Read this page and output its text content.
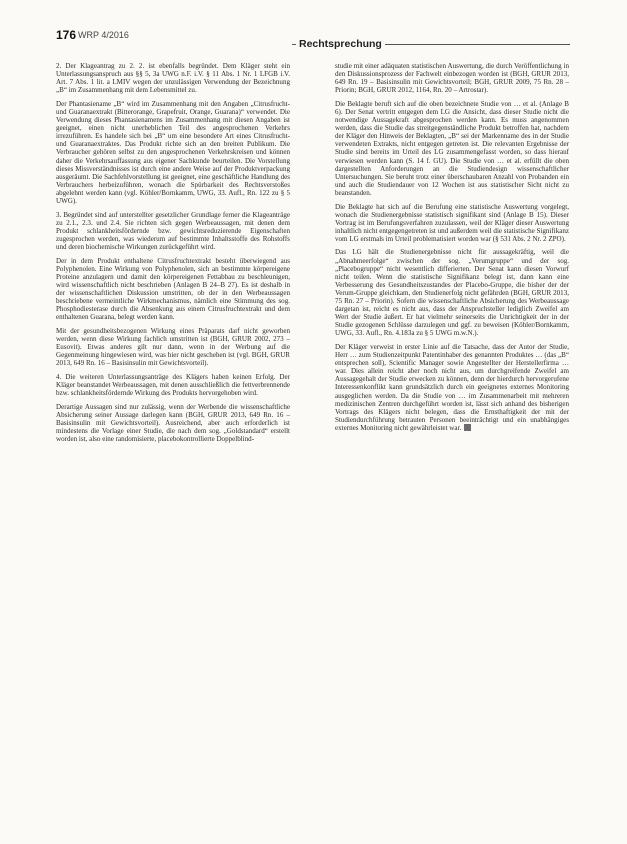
176 WRP 4/2016
Rechtsprechung

2. Der Klageantrag zu 2. 2. ist ebenfalls begründet. Dem Kläger steht ein Unterlassungsanspruch aus §§ 5, 3a UWG n.F. i.V. § 11 Abs. 1 Nr. 1 LFGB i.V. Art. 7 Abs. 1 lit. a LMIV wegen der unzulässigen Verwendung der Bezeichnung „B“ im Zusammenhang mit dem Lebensmittel zu.

Der Phantasiename „B“ wird im Zusammenhang mit den Angaben „Citrusfrucht- und Guaranaextrakt (Bitterorange, Grapefruit, Orange, Guarana)“ verwendet. Die Verwendung dieses Phantasienamens im Zusammenhang mit diesen Angaben ist geeignet, einen nicht unerheblichen Teil des angesprochenen Verkehrs irrezuführen. Es handele sich bei „B“ um eine besondere Art eines Citrusfrucht- und Guaranaextraktes. Das Produkt richte sich an den breiten Publikum. Die Verbraucher gehören selbst zu den angesprochenen Verkehrskreisen und können daher die Verkehrsauffassung aus eigener Sachkunde beurteilen. Die Vorstellung dieses Missverständnisses ist durch eine andere Weise auf der Produktverpackung ausgeräumt. Die Sachfehlvorstellung ist geeignet, eine geschäftliche Handlung des Verbrauchers herbeizuführen, wonach die Spürbarkeit des Rechtsverstoßes abgelehnt werden kann (vgl. Köhler/Bornkamm, UWG, 33. Aufl., Rn. 122 zu § 5 UWG).

3. Begründet sind auf unterstellter gesetzlicher Grundlage ferner die Klageanträge zu 2.1., 2.3. und 2.4. Sie richten sich gegen Werbeaussagen, mit denen dem Produkt schlankheitsfördernde bzw. gewichtsreduzierende Eigenschaften zugesprochen werden, was wiederum auf bestimmte Inhaltsstoffe des Rohstoffs und deren biochemische Wirkungen zurückgeführt wird.

Der in dem Produkt enthaltene Citrusfruchtextrakt besteht überwiegend aus Polyphenolen. Eine Wirkung von Polyphenolen, sich an bestimmte körpereigene Proteine anzulagern und damit den körpereigenen Fettabbau zu beschleunigen, wird wissenschaftlich nicht beschrieben (Anlagen B 24–B 27). Es ist deshalb in der wissenschaftlichen Diskussion umstritten, ob der in den Werbeaussagen beschriebene vermeintliche Wirkmechanismus, nämlich eine Stimmung des sog. Phosphodiesterase durch die Absenkung aus einem Citrusfruchtextrakt und dem enthaltenen Guarana, belegt werden kann.

Mit der gesundheitsbezogenen Wirkung eines Präparats darf nicht geworben werden, wenn diese Wirkung fachlich umstritten ist (BGH, GRUR 2002, 273 – Eusovit). Etwas anderes gilt nur dann, wenn in der Werbung auf die Gegenmeinung hingewiesen wird, was hier nicht geschehen ist (vgl. BGH, GRUR 2013, 649 Rn. 16 – Basisinsulin mit Gewichtsvorteil).

4. Die weiteren Unterlassungsanträge des Klägers haben keinen Erfolg. Der Kläger beanstandet Werbeaussagen, mit denen ausschließlich die fettverbrennende bzw. schlankheitsfördernde Wirkung des Produkts hervorgehoben wird.

Derartige Aussagen sind nur zulässig, wenn der Werbende die wissenschaftliche Absicherung seiner Aussage darlegen kann (BGH, GRUR 2013, 649 Rn. 16 – Basisinsulin mit Gewichtsvorteil). Ausreichend, aber auch erforderlich ist mindestens die Vorlage einer Studie, die nach dem sog. „Goldstandard“ erstellt worden ist, also eine randomisierte, placebokontrollierte Doppelblind-

studie mit einer adäquaten statistischen Auswertung, die durch Veröffentlichung in den Diskussionsprozess der Fachwelt einbezogen worden ist (BGH, GRUR 2013, 649 Rn. 19 – Basisinsulin mit Gewichtsvorteil; BGH, GRUR 2009, 75 Rn. 28 – Priorin; BGH, GRUR 2012, 1164, Rn. 20 – Artrostar).

Die Beklagte beruft sich auf die oben bezeichnete Studie von … et al. (Anlage B 6). Der Senat vertritt entgegen dem LG die Ansicht, dass dieser Studie nicht die notwendige Aussagekraft abgesprochen werden kann. Es muss angenommen werden, dass die Studie das streitgegenständliche Produkt betroffen hat, nachdem der Kläger den Hinweis der Beklagten, „B“ sei der Markenname des in der Studie verwendeten Extrakts, nicht entgegen getreten ist. Die relevanten Ergebnisse der Studie sind bereits im Urteil des LG zusammengefasst worden, so dass hierauf verwiesen werden kann (S. 14 f. GU). Die Studie von … et al. erfüllt die oben dargestellten Anforderungen an die Studiendesign wissenschaftlicher Untersuchungen. Sie beruht trotz einer überschaubaren Anzahl von Probanden ein und auch die Studiendauer von 12 Wochen ist aus statistischer Sicht nicht zu beanstanden.

Die Beklagte hat sich auf die Berufung eine statistische Auswertung vorgelegt, wonach die Studienergebnisse statistisch signifikant sind (Anlage B 15). Dieser Vortrag ist im Berufungsverfahren zuzulassen, weil der Kläger dieser Auswertung inhaltlich nicht entgegengetreten ist und außerdem weil die statistische Signifikanz vom LG erstmals im Urteil problematisiert worden war (§ 531 Abs. 2 Nr. 2 ZPO).

Das LG hält die Studienergebnisse nicht für aussagekräftig, weil die „Abnahmeerfolge“ zwischen der sog. „Verumgruppe“ und der sog. „Placebogruppe“ nicht wesentlich differierten. Der Senat kann diesen Vorwurf nicht teilen. Wenn die statistische Signifikanz belegt ist, dann kann eine Verbesserung des Gesundheitszustandes der Placebo-Gruppe, die bisher der der Verum-Gruppe gleichkam, den Studienerfolg nicht gefährden (BGH, GRUR 2013, 75 Rn. 27 – Priorin). Sofern die wissenschaftliche Absicherung des Werbeaussage dargetan ist, reicht es nicht aus, dass der Anspruchsteller lediglich Zweifel am Wert der Studie äußert. Er hat vielmehr seinerseits die Unrichtigkeit der in der Studie gezogenen Schlüsse darzulegen und ggf. zu beweisen (Köhler/Bornkamm, UWG, 33. Aufl., Rn. 4.183a zu § 5 UWG m.w.N.).

Der Kläger verweist in erster Linie auf die Tatsache, dass der Autor der Studie, Herr … zum Studienzeitpunkt Patentinhaber des genannten Produktes … (das „B“ entsprechen soll), Scientific Manager sowie Angestellter der Herstellerfirma … war. Dies allein reicht aber noch nicht aus, um durchgreifende Zweifel am Aussagegehalt der Studie erwecken zu können, denn der hierdurch hervorgerufene Interessenkonflikt kann grundsätzlich durch ein geeignetes externes Monitoring ausgeglichen werden. Da die Studie von … im Zusammenarbeit mit mehreren medizinischen Zentren durchgeführt worden ist, lässt sich anhand des bisherigen Vortrags des Klägers nicht belegen, dass die Ernsthaftigkeit der mit der Studiendurchführung betrauten Personen beeinträchtigt und ein unabhängiges externes Monitoring nicht gewährleistet war.
